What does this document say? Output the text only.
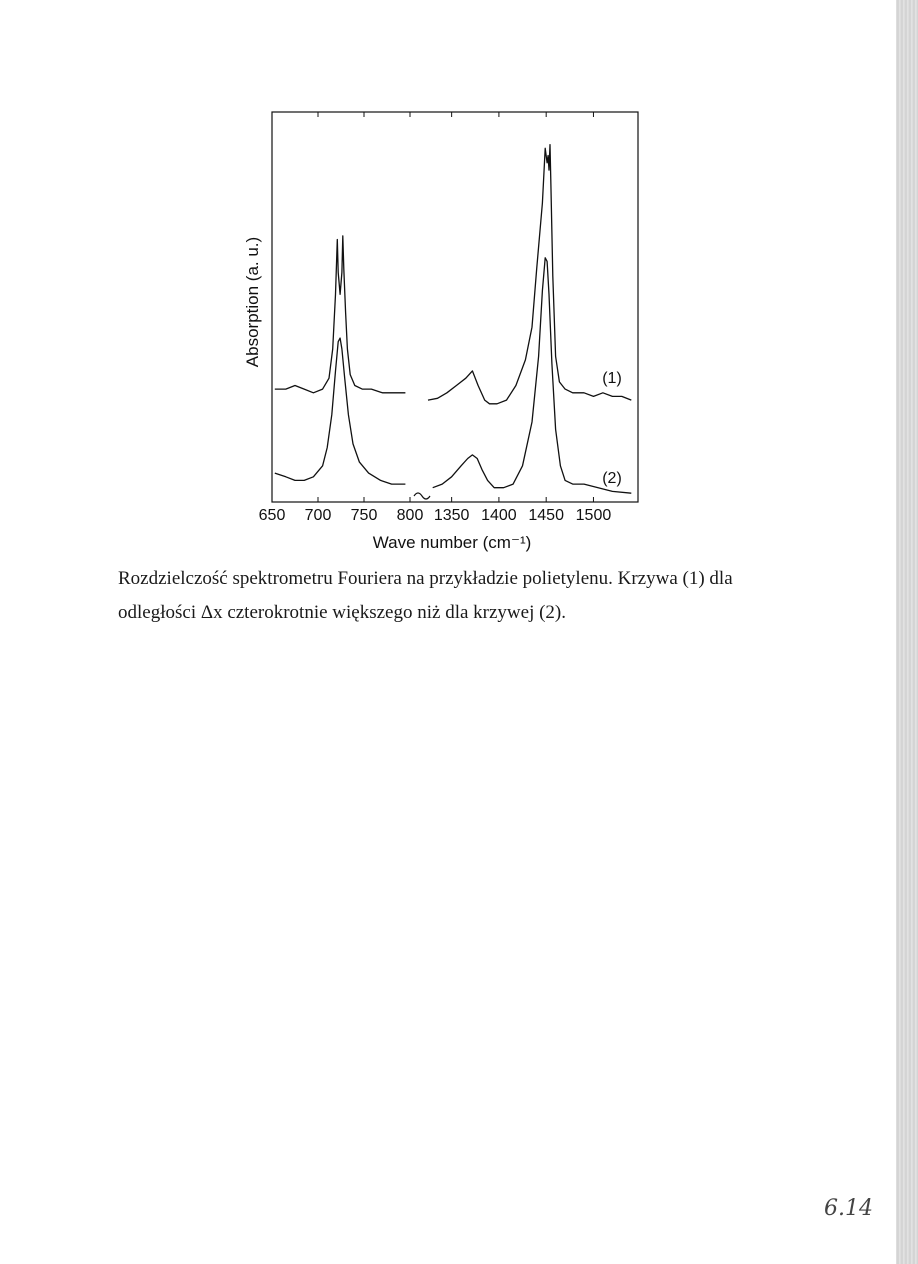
650 700 750 800 1350 1400 1450 1500
(1)
(2)
Absorption (a. u.)
Wave number (cm⁻¹)

Rozdzielczość spektrometru Fouriera na przykładzie polietylenu. Krzywa (1) dla

odległości Δx czterokrotnie większego niż dla krzywej (2).

6.14
